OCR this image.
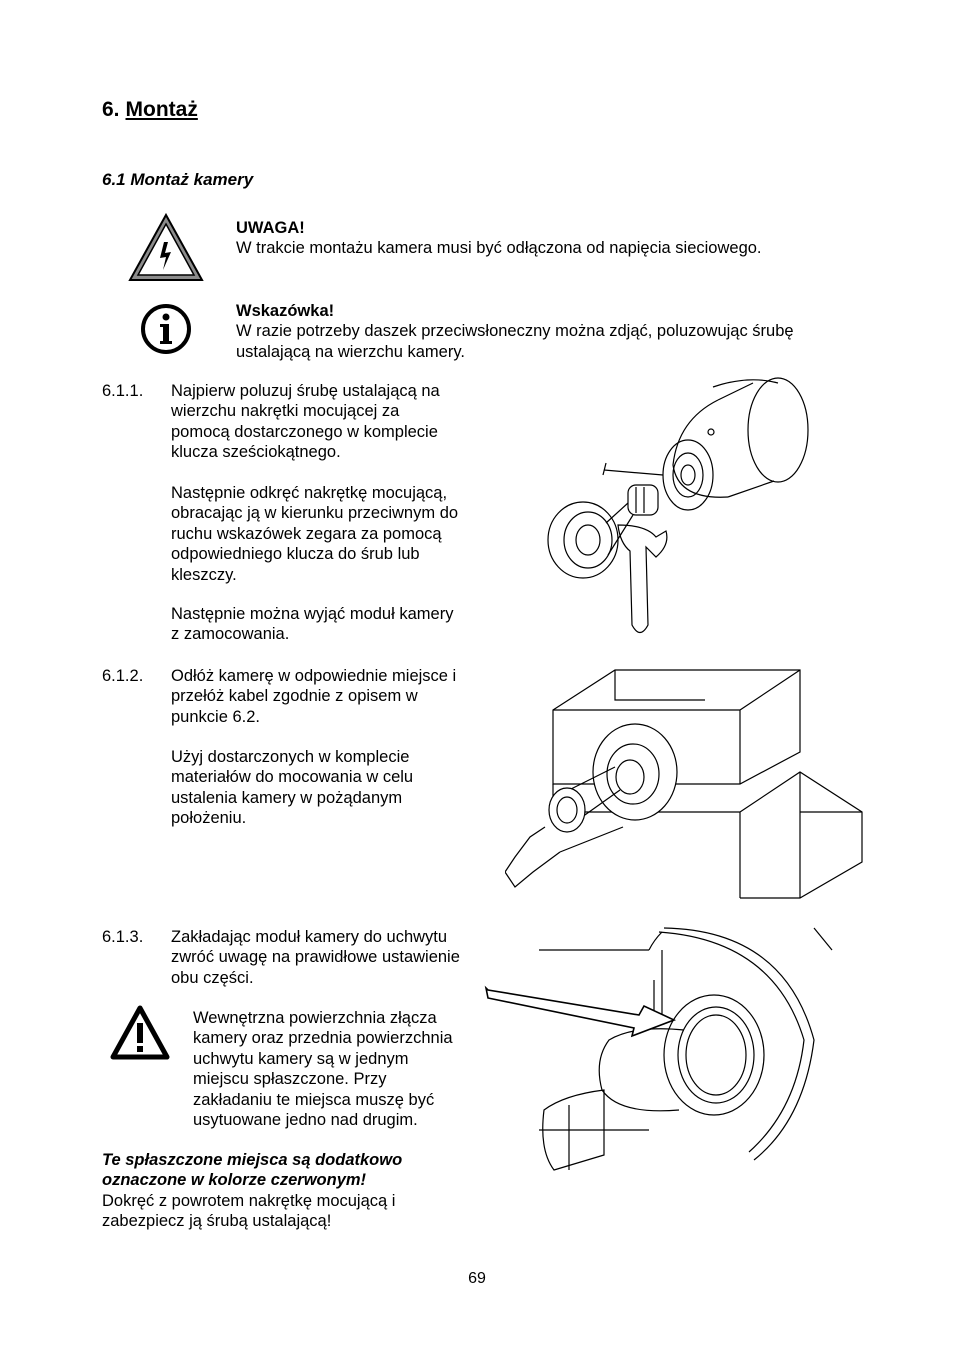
6. Montaż
6.1 Montaż kamery
UWAGA!
W trakcie montażu kamera musi być odłączona od napięcia sieciowego.
Wskazówka!
W razie potrzeby daszek przeciwsłoneczny można zdjąć, poluzowując śrubę
ustalającą na wierzchu kamery.
6.1.1. Najpierw poluzuj śrubę ustalającą na
wierzchu nakrętki mocującej za
pomocą dostarczonego w komplecie
klucza sześciokątnego.
Następnie odkręć nakrętkę mocującą,
obracając ją w kierunku przeciwnym do
ruchu wskazówek zegara za pomocą
odpowiedniego klucza do śrub lub
kleszczy.
Następnie można wyjąć moduł kamery
z zamocowania.
6.1.2. Odłóż kamerę w odpowiednie miejsce i
przełóż kabel zgodnie z opisem w
punkcie 6.2.
Użyj dostarczonych w komplecie
materiałów do mocowania w celu
ustalenia kamery w pożądanym
położeniu.
6.1.3. Zakładając moduł kamery do uchwytu
zwróć uwagę na prawidłowe ustawienie
obu części.
Wewnętrzna powierzchnia złącza
kamery oraz przednia powierzchnia
uchwytu kamery są w jednym
miejscu spłaszczone. Przy
zakładaniu te miejsca muszę być
usytuowane jedno nad drugim.
Te spłaszczone miejsca są dodatkowo
oznaczone w kolorze czerwonym!
Dokręć z powrotem nakrętkę mocującą i
zabezpiecz ją śrubą ustalającą!
69
